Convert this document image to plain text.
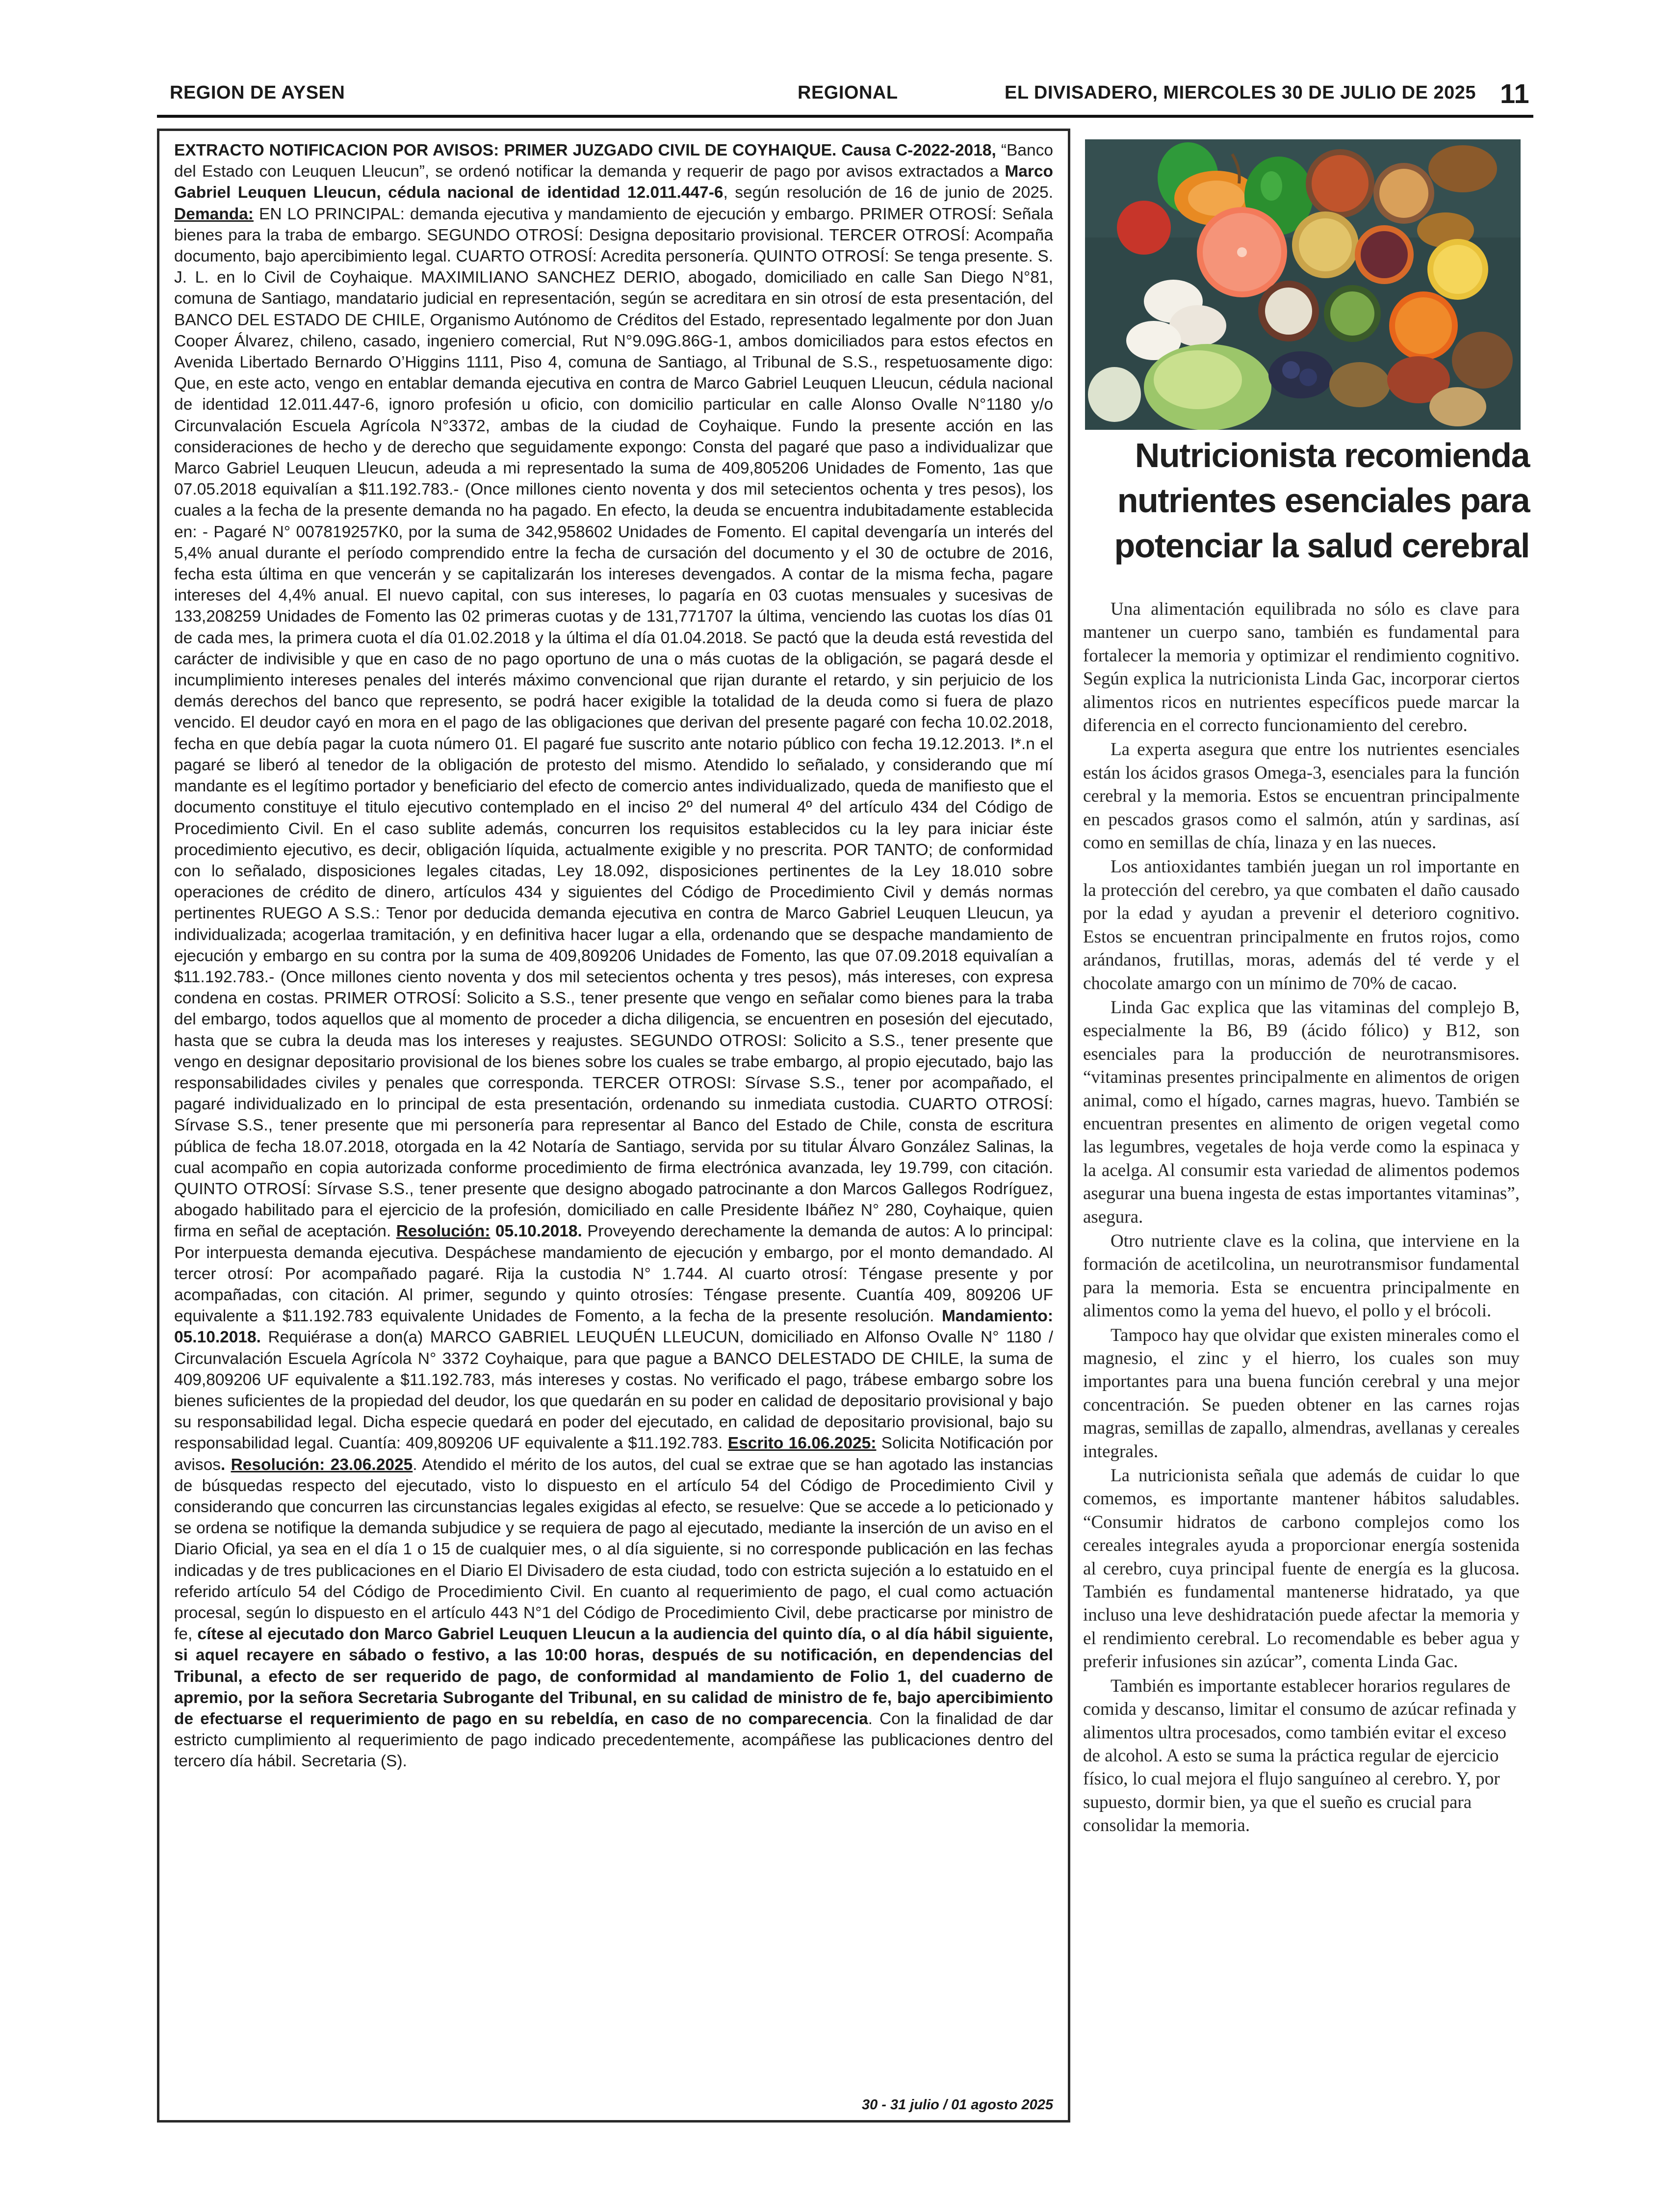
REGION DE AYSEN	REGIONAL	EL DIVISADERO, MIERCOLES 30 DE JULIO DE 2025 11

EXTRACTO NOTIFICACION POR AVISOS: PRIMER JUZGADO CIVIL DE COYHAIQUE. Causa C-2022-2018, “Banco del Estado con Leuquen Lleucun”, se ordenó notificar la demanda y requerir de pago por avisos extractados a Marco Gabriel Leuquen Lleucun, cédula nacional de identidad 12.011.447-6, según resolución de 16 de junio de 2025. Demanda: EN LO PRINCIPAL: demanda ejecutiva y mandamiento de ejecución y embargo. PRIMER OTROSÍ: Señala bienes para la traba de embargo. SEGUNDO OTROSÍ: Designa depositario provisional. TERCER OTROSÍ: Acompaña documento, bajo apercibimiento legal. CUARTO OTROSÍ: Acredita personería. QUINTO OTROSÍ: Se tenga presente. S. J. L. en lo Civil de Coyhaique. MAXIMILIANO SANCHEZ DERIO, abogado, domiciliado en calle San Diego N°81, comuna de Santiago, mandatario judicial en representación, según se acreditara en sin otrosí de esta presentación, del BANCO DEL ESTADO DE CHILE, Organismo Autónomo de Créditos del Estado, representado legalmente por don Juan Cooper Álvarez, chileno, casado, ingeniero comercial, Rut N°9.09G.86G-1, ambos domiciliados para estos efectos en Avenida Libertado Bernardo O’Higgins 1111, Piso 4, comuna de Santiago, al Tribunal de S.S., respetuosamente digo: Que, en este acto, vengo en entablar demanda ejecutiva en contra de Marco Gabriel Leuquen Lleucun, cédula nacional de identidad 12.011.447-6, ignoro profesión u oficio, con domicilio particular en calle Alonso Ovalle N°1180 y/o Circunvalación Escuela Agrícola N°3372, ambas de la ciudad de Coyhaique. Fundo la presente acción en las consideraciones de hecho y de derecho que seguidamente expongo: Consta del pagaré que paso a individualizar que Marco Gabriel Leuquen Lleucun, adeuda a mi representado la suma de 409,805206 Unidades de Fomento, 1as que 07.05.2018 equivalían a $11.192.783.- (Once millones ciento noventa y dos mil setecientos ochenta y tres pesos), los cuales a la fecha de la presente demanda no ha pagado. En efecto, la deuda se encuentra indubitadamente establecida en: - Pagaré N° 007819257K0, por la suma de 342,958602 Unidades de Fomento. El capital devengaría un interés del 5,4% anual durante el período comprendido entre la fecha de cursación del documento y el 30 de octubre de 2016, fecha esta última en que vencerán y se capitalizarán los intereses devengados. A contar de la misma fecha, pagare intereses del 4,4% anual. El nuevo capital, con sus intereses, lo pagaría en 03 cuotas mensuales y sucesivas de 133,208259 Unidades de Fomento las 02 primeras cuotas y de 131,771707 la última, venciendo las cuotas los días 01 de cada mes, la primera cuota el día 01.02.2018 y la última el día 01.04.2018. Se pactó que la deuda está revestida del carácter de indivisible y que en caso de no pago oportuno de una o más cuotas de la obligación, se pagará desde el incumplimiento intereses penales del interés máximo convencional que rijan durante el retardo, y sin perjuicio de los demás derechos del banco que represento, se podrá hacer exigible la totalidad de la deuda como si fuera de plazo vencido. El deudor cayó en mora en el pago de las obligaciones que derivan del presente pagaré con fecha 10.02.2018, fecha en que debía pagar la cuota número 01. El pagaré fue suscrito ante notario público con fecha 19.12.2013. I*.n el pagaré se liberó al tenedor de la obligación de protesto del mismo. Atendido lo señalado, y considerando que mí mandante es el legítimo portador y beneficiario del efecto de comercio antes individualizado, queda de manifiesto que el documento constituye el titulo ejecutivo contemplado en el inciso 2º del numeral 4º del artículo 434 del Código de Procedimiento Civil. En el caso sublite además, concurren los requisitos establecidos cu la ley para iniciar éste procedimiento ejecutivo, es decir, obligación líquida, actualmente exigible y no prescrita. POR TANTO; de conformidad con lo señalado, disposiciones legales citadas, Ley 18.092, disposiciones pertinentes de la Ley 18.010 sobre operaciones de crédito de dinero, artículos 434 y siguientes del Código de Procedimiento Civil y demás normas pertinentes RUEGO A S.S.: Tenor por deducida demanda ejecutiva en contra de Marco Gabriel Leuquen Lleucun, ya individualizada; acogerlaa tramitación, y en definitiva hacer lugar a ella, ordenando que se despache mandamiento de ejecución y embargo en su contra por la suma de 409,809206 Unidades de Fomento, las que 07.09.2018 equivalían a $11.192.783.- (Once millones ciento noventa y dos mil setecientos ochenta y tres pesos), más intereses, con expresa condena en costas. PRIMER OTROSÍ: Solicito a S.S., tener presente que vengo en señalar como bienes para la traba del embargo, todos aquellos que al momento de proceder a dicha diligencia, se encuentren en posesión del ejecutado, hasta que se cubra la deuda mas los intereses y reajustes. SEGUNDO OTROSI: Solicito a S.S., tener presente que vengo en designar depositario provisional de los bienes sobre los cuales se trabe embargo, al propio ejecutado, bajo las responsabilidades civiles y penales que corresponda. TERCER OTROSI: Sírvase S.S., tener por acompañado, el pagaré individualizado en lo principal de esta presentación, ordenando su inmediata custodia. CUARTO OTROSÍ: Sírvase S.S., tener presente que mi personería para representar al Banco del Estado de Chile, consta de escritura pública de fecha 18.07.2018, otorgada en la 42 Notaría de Santiago, servida por su titular Álvaro González Salinas, la cual acompaño en copia autorizada conforme procedimiento de firma electrónica avanzada, ley 19.799, con citación. QUINTO OTROSÍ: Sírvase S.S., tener presente que designo abogado patrocinante a don Marcos Gallegos Rodríguez, abogado habilitado para el ejercicio de la profesión, domiciliado en calle Presidente Ibáñez N° 280, Coyhaique, quien firma en señal de aceptación. Resolución: 05.10.2018. Proveyendo derechamente la demanda de autos: A lo principal: Por interpuesta demanda ejecutiva. Despáchese mandamiento de ejecución y embargo, por el monto demandado. Al tercer otrosí: Por acompañado pagaré. Rija la custodia N° 1.744. Al cuarto otrosí: Téngase presente y por acompañadas, con citación. Al primer, segundo y quinto otrosíes: Téngase presente. Cuantía 409, 809206 UF equivalente a $11.192.783 equivalente Unidades de Fomento, a la fecha de la presente resolución. Mandamiento: 05.10.2018. Requiérase a don(a) MARCO GABRIEL LEUQUÉN LLEUCUN, domiciliado en Alfonso Ovalle N° 1180 / Circunvalación Escuela Agrícola N° 3372 Coyhaique, para que pague a BANCO DELESTADO DE CHILE, la suma de 409,809206 UF equivalente a $11.192.783, más intereses y costas. No verificado el pago, trábese embargo sobre los bienes suficientes de la propiedad del deudor, los que quedarán en su poder en calidad de depositario provisional y bajo su responsabilidad legal. Dicha especie quedará en poder del ejecutado, en calidad de depositario provisional, bajo su responsabilidad legal. Cuantía: 409,809206 UF equivalente a $11.192.783. Escrito 16.06.2025: Solicita Notificación por avisos. Resolución: 23.06.2025. Atendido el mérito de los autos, del cual se extrae que se han agotado las instancias de búsquedas respecto del ejecutado, visto lo dispuesto en el artículo 54 del Código de Procedimiento Civil y considerando que concurren las circunstancias legales exigidas al efecto, se resuelve: Que se accede a lo peticionado y se ordena se notifique la demanda subjudice y se requiera de pago al ejecutado, mediante la inserción de un aviso en el Diario Oficial, ya sea en el día 1 o 15 de cualquier mes, o al día siguiente, si no corresponde publicación en las fechas indicadas y de tres publicaciones en el Diario El Divisadero de esta ciudad, todo con estricta sujeción a lo estatuido en el referido artículo 54 del Código de Procedimiento Civil. En cuanto al requerimiento de pago, el cual como actuación procesal, según lo dispuesto en el artículo 443 N°1 del Código de Procedimiento Civil, debe practicarse por ministro de fe, cítese al ejecutado don Marco Gabriel Leuquen Lleucun a la audiencia del quinto día, o al día hábil siguiente, si aquel recayere en sábado o festivo, a las 10:00 horas, después de su notificación, en dependencias del Tribunal, a efecto de ser requerido de pago, de conformidad al mandamiento de Folio 1, del cuaderno de apremio, por la señora Secretaria Subrogante del Tribunal, en su calidad de ministro de fe, bajo apercibimiento de efectuarse el requerimiento de pago en su rebeldía, en caso de no comparecencia. Con la finalidad de dar estricto cumplimiento al requerimiento de pago indicado precedentemente, acompáñese las publicaciones dentro del tercero día hábil. Secretaria (S).

30 - 31 julio / 01 agosto 2025
Nutricionista recomienda nutrientes esenciales para potenciar la salud cerebral

Una alimentación equilibrada no sólo es clave para mantener un cuerpo sano, también es fundamental para fortalecer la memoria y optimizar el rendimiento cognitivo. Según explica la nutricionista Linda Gac, incorporar ciertos alimentos ricos en nutrientes específicos puede marcar la diferencia en el correcto funcionamiento del cerebro.

La experta asegura que entre los nutrientes esenciales están los ácidos grasos Omega-3, esenciales para la función cerebral y la memoria. Estos se encuentran principalmente en pescados grasos como el salmón, atún y sardinas, así como en semillas de chía, linaza y en las nueces.

Los antioxidantes también juegan un rol importante en la protección del cerebro, ya que combaten el daño causado por la edad y ayudan a prevenir el deterioro cognitivo. Estos se encuentran principalmente en frutos rojos, como arándanos, frutillas, moras, además del té verde y el chocolate amargo con un mínimo de 70% de cacao.

Linda Gac explica que las vitaminas del complejo B, especialmente la B6, B9 (ácido fólico) y B12, son esenciales para la producción de neurotransmisores. “vitaminas presentes principalmente en alimentos de origen animal, como el hígado, carnes magras, huevo. También se encuentran presentes en alimento de origen vegetal como las legumbres, vegetales de hoja verde como la espinaca y la acelga. Al consumir esta variedad de alimentos podemos asegurar una buena ingesta de estas importantes vitaminas”, asegura.

Otro nutriente clave es la colina, que interviene en la formación de acetilcolina, un neurotransmisor fundamental para la memoria. Esta se encuentra principalmente en alimentos como la yema del huevo, el pollo y el brócoli.

Tampoco hay que olvidar que existen minerales como el magnesio, el zinc y el hierro, los cuales son muy importantes para una buena función cerebral y una mejor concentración. Se pueden obtener en las carnes rojas magras, semillas de zapallo, almendras, avellanas y cereales integrales.

La nutricionista señala que además de cuidar lo que comemos, es importante mantener hábitos saludables. “Consumir hidratos de carbono complejos como los cereales integrales ayuda a proporcionar energía sostenida al cerebro, cuya principal fuente de energía es la glucosa. También es fundamental mantenerse hidratado, ya que incluso una leve deshidratación puede afectar la memoria y el rendimiento cerebral. Lo recomendable es beber agua y preferir infusiones sin azúcar”, comenta Linda Gac.

También es importante establecer horarios regulares de comida y descanso, limitar el consumo de azúcar refinada y alimentos ultra procesados, como también evitar el exceso de alcohol. A esto se suma la práctica regular de ejercicio físico, lo cual mejora el flujo sanguíneo al cerebro. Y, por supuesto, dormir bien, ya que el sueño es crucial para consolidar la memoria.
